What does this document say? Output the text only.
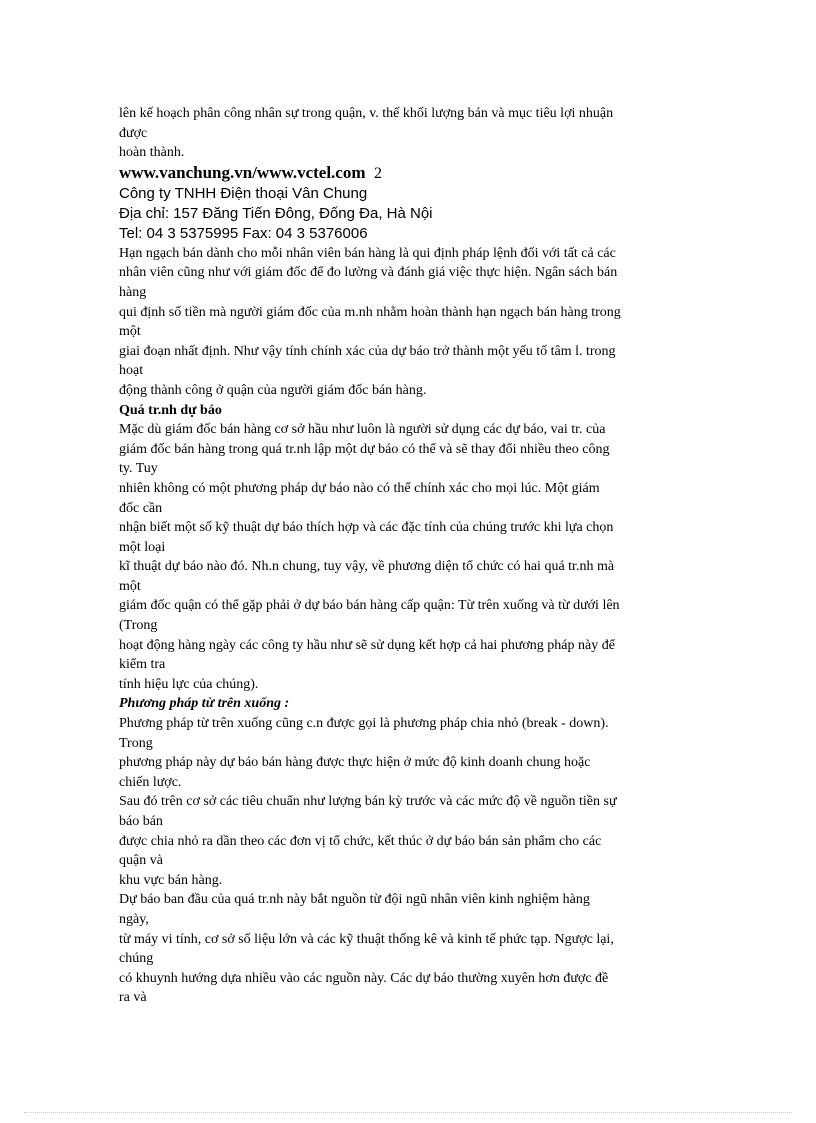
lên kế hoạch phân công nhân sự trong quận, v. thế khối lượng bán và mục tiêu lợi nhuận
được
hoàn thành.
www.vanchung.vn/www.vctel.com 2
Công ty TNHH Điện thoại Vân Chung
Địa chỉ: 157 Đăng Tiến Đông, Đống Đa, Hà Nội
Tel: 04 3 5375995 Fax: 04 3 5376006
Hạn ngạch bán dành cho mỗi nhân viên bán hàng là qui định pháp lệnh đối với tất cả các
nhân viên cũng như với giám đốc để đo lường và đánh giá việc thực hiện. Ngân sách bán
hàng
qui định số tiền mà người giám đốc của m.nh nhằm hoàn thành hạn ngạch bán hàng trong
một
giai đoạn nhất định. Như vậy tính chính xác của dự báo trở thành một yếu tố tâm l. trong
hoạt
động thành công ở quận của người giám đốc bán hàng.
Quá tr.nh dự báo
Mặc dù giám đốc bán hàng cơ sở hầu như luôn là người sử dụng các dự báo, vai tr. của
giám đốc bán hàng trong quá tr.nh lập một dự báo có thể và sẽ thay đổi nhiều theo công
ty. Tuy
nhiên không có một phương pháp dự báo nào có thể chính xác cho mọi lúc. Một giám
đốc cần
nhận biết một số kỹ thuật dự báo thích hợp và các đặc tính của chúng trước khi lựa chọn
một loại
kĩ thuật dự báo nào đó. Nh.n chung, tuy vậy, về phương diện tổ chức có hai quá tr.nh mà
một
giám đốc quận có thể gặp phải ở dự báo bán hàng cấp quận: Từ trên xuống và từ dưới lên
(Trong
hoạt động hàng ngày các công ty hầu như sẽ sử dụng kết hợp cả hai phương pháp này để
kiểm tra
tính hiệu lực của chúng).
Phương pháp từ trên xuống :
Phương pháp từ trên xuống cũng c.n được gọi là phương pháp chia nhỏ (break - down).
Trong
phương pháp này dự báo bán hàng được thực hiện ở mức độ kinh doanh chung hoặc
chiến lược.
Sau đó trên cơ sở các tiêu chuẩn như lượng bán kỳ trước và các mức độ về nguồn tiền sự
báo bán
được chia nhỏ ra dần theo các đơn vị tổ chức, kết thúc ở dự báo bán sản phẩm cho các
quận và
khu vực bán hàng.
Dự báo ban đầu của quá tr.nh này bắt nguồn từ đội ngũ nhân viên kinh nghiệm hàng
ngày,
từ máy vi tính, cơ sở số liệu lớn và các kỹ thuật thống kê và kinh tế phức tạp. Ngược lại,
chúng
có khuynh hướng dựa nhiều vào các nguồn này. Các dự báo thường xuyên hơn được đề
ra và
